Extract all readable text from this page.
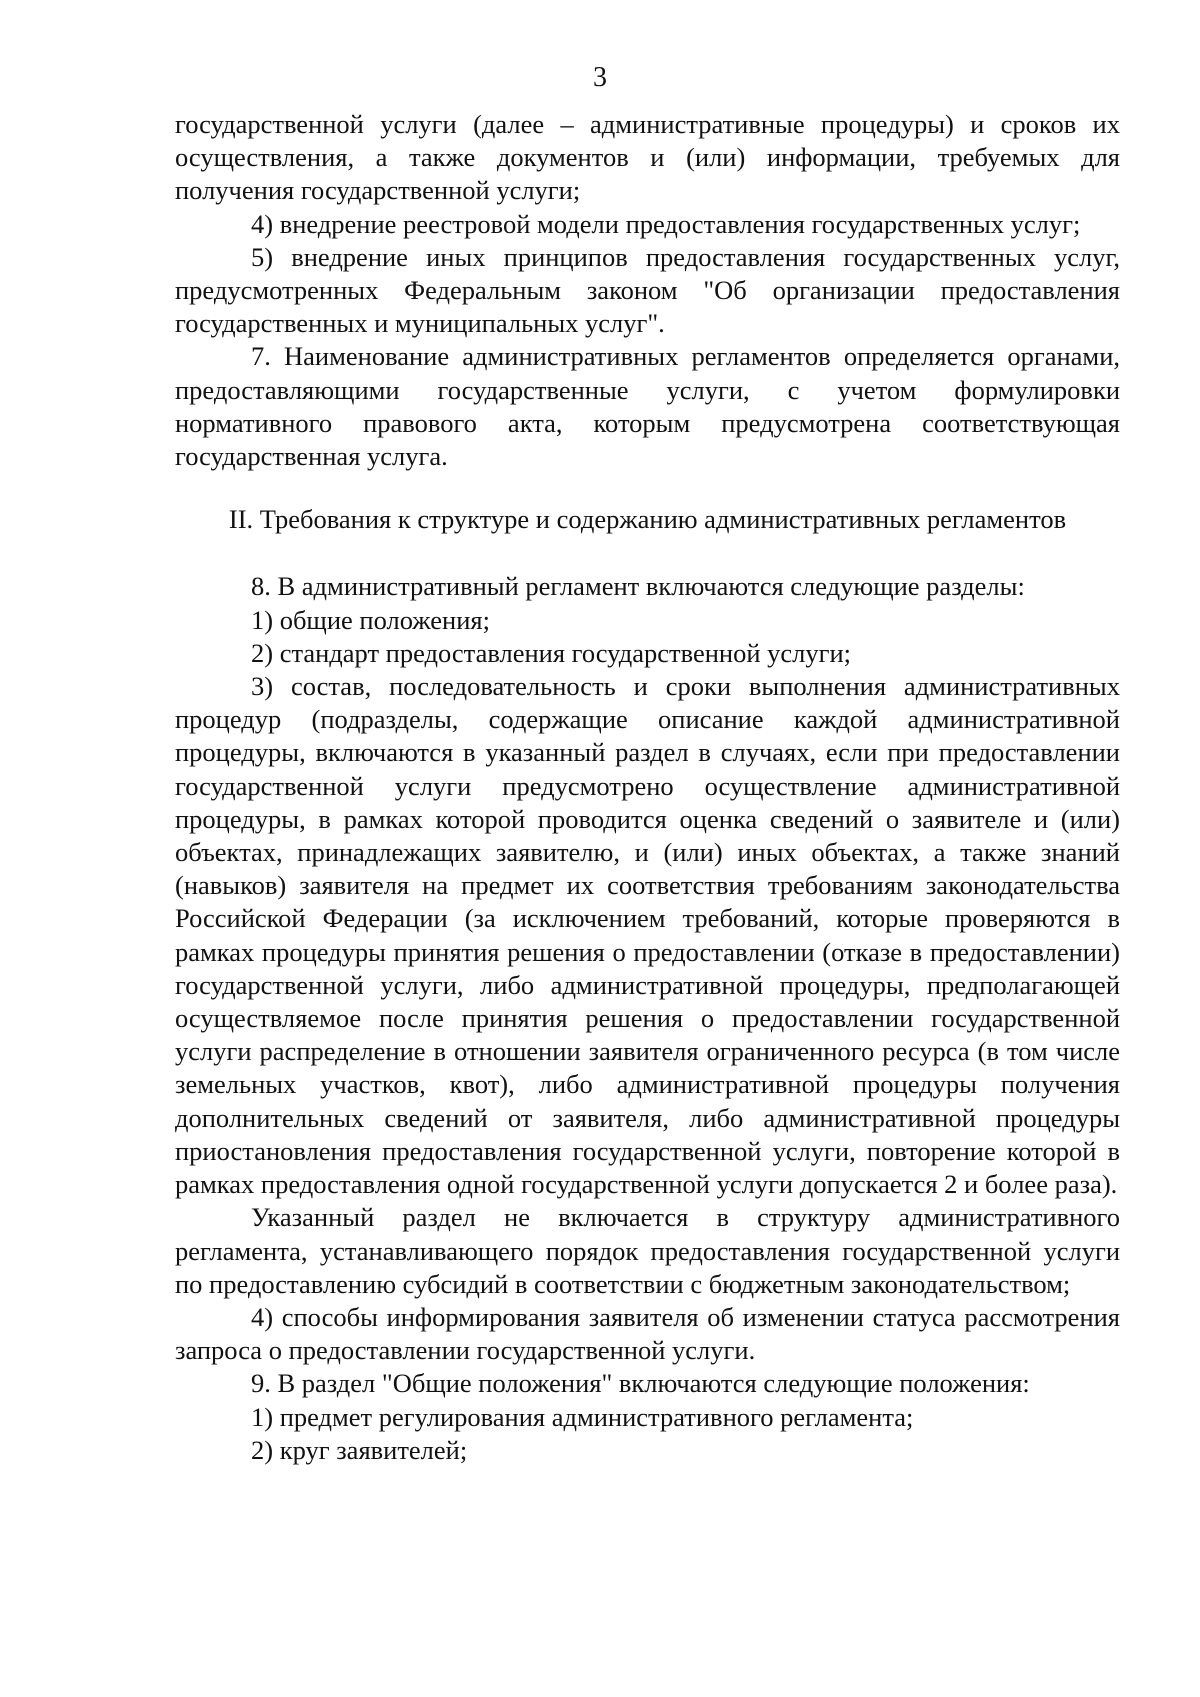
3

государственной услуги (далее – административные процедуры) и сроков их осуществления, а также документов и (или) информации, требуемых для получения государственной услуги;

4) внедрение реестровой модели предоставления государственных услуг;

5) внедрение иных принципов предоставления государственных услуг, предусмотренных Федеральным законом "Об организации предоставления государственных и муниципальных услуг".

7. Наименование административных регламентов определяется органами, предоставляющими государственные услуги, с учетом формулировки нормативного правового акта, которым предусмотрена соответствующая государственная услуга.

II. Требования к структуре и содержанию административных регламентов

8. В административный регламент включаются следующие разделы:

1) общие положения;

2) стандарт предоставления государственной услуги;

3) состав, последовательность и сроки выполнения административных процедур (подразделы, содержащие описание каждой административной процедуры, включаются в указанный раздел в случаях, если при предоставлении государственной услуги предусмотрено осуществление административной процедуры, в рамках которой проводится оценка сведений о заявителе и (или) объектах, принадлежащих заявителю, и (или) иных объектах, а также знаний (навыков) заявителя на предмет их соответствия требованиям законодательства Российской Федерации (за исключением требований, которые проверяются в рамках процедуры принятия решения о предоставлении (отказе в предоставлении) государственной услуги, либо административной процедуры, предполагающей осуществляемое после принятия решения о предоставлении государственной услуги распределение в отношении заявителя ограниченного ресурса (в том числе земельных участков, квот), либо административной процедуры получения дополнительных сведений от заявителя, либо административной процедуры приостановления предоставления государственной услуги, повторение которой в рамках предоставления одной государственной услуги допускается 2 и более раза).

Указанный раздел не включается в структуру административного регламента, устанавливающего порядок предоставления государственной услуги по предоставлению субсидий в соответствии с бюджетным законодательством;

4) способы информирования заявителя об изменении статуса рассмотрения запроса о предоставлении государственной услуги.

9. В раздел "Общие положения" включаются следующие положения:

1) предмет регулирования административного регламента;

2) круг заявителей;
